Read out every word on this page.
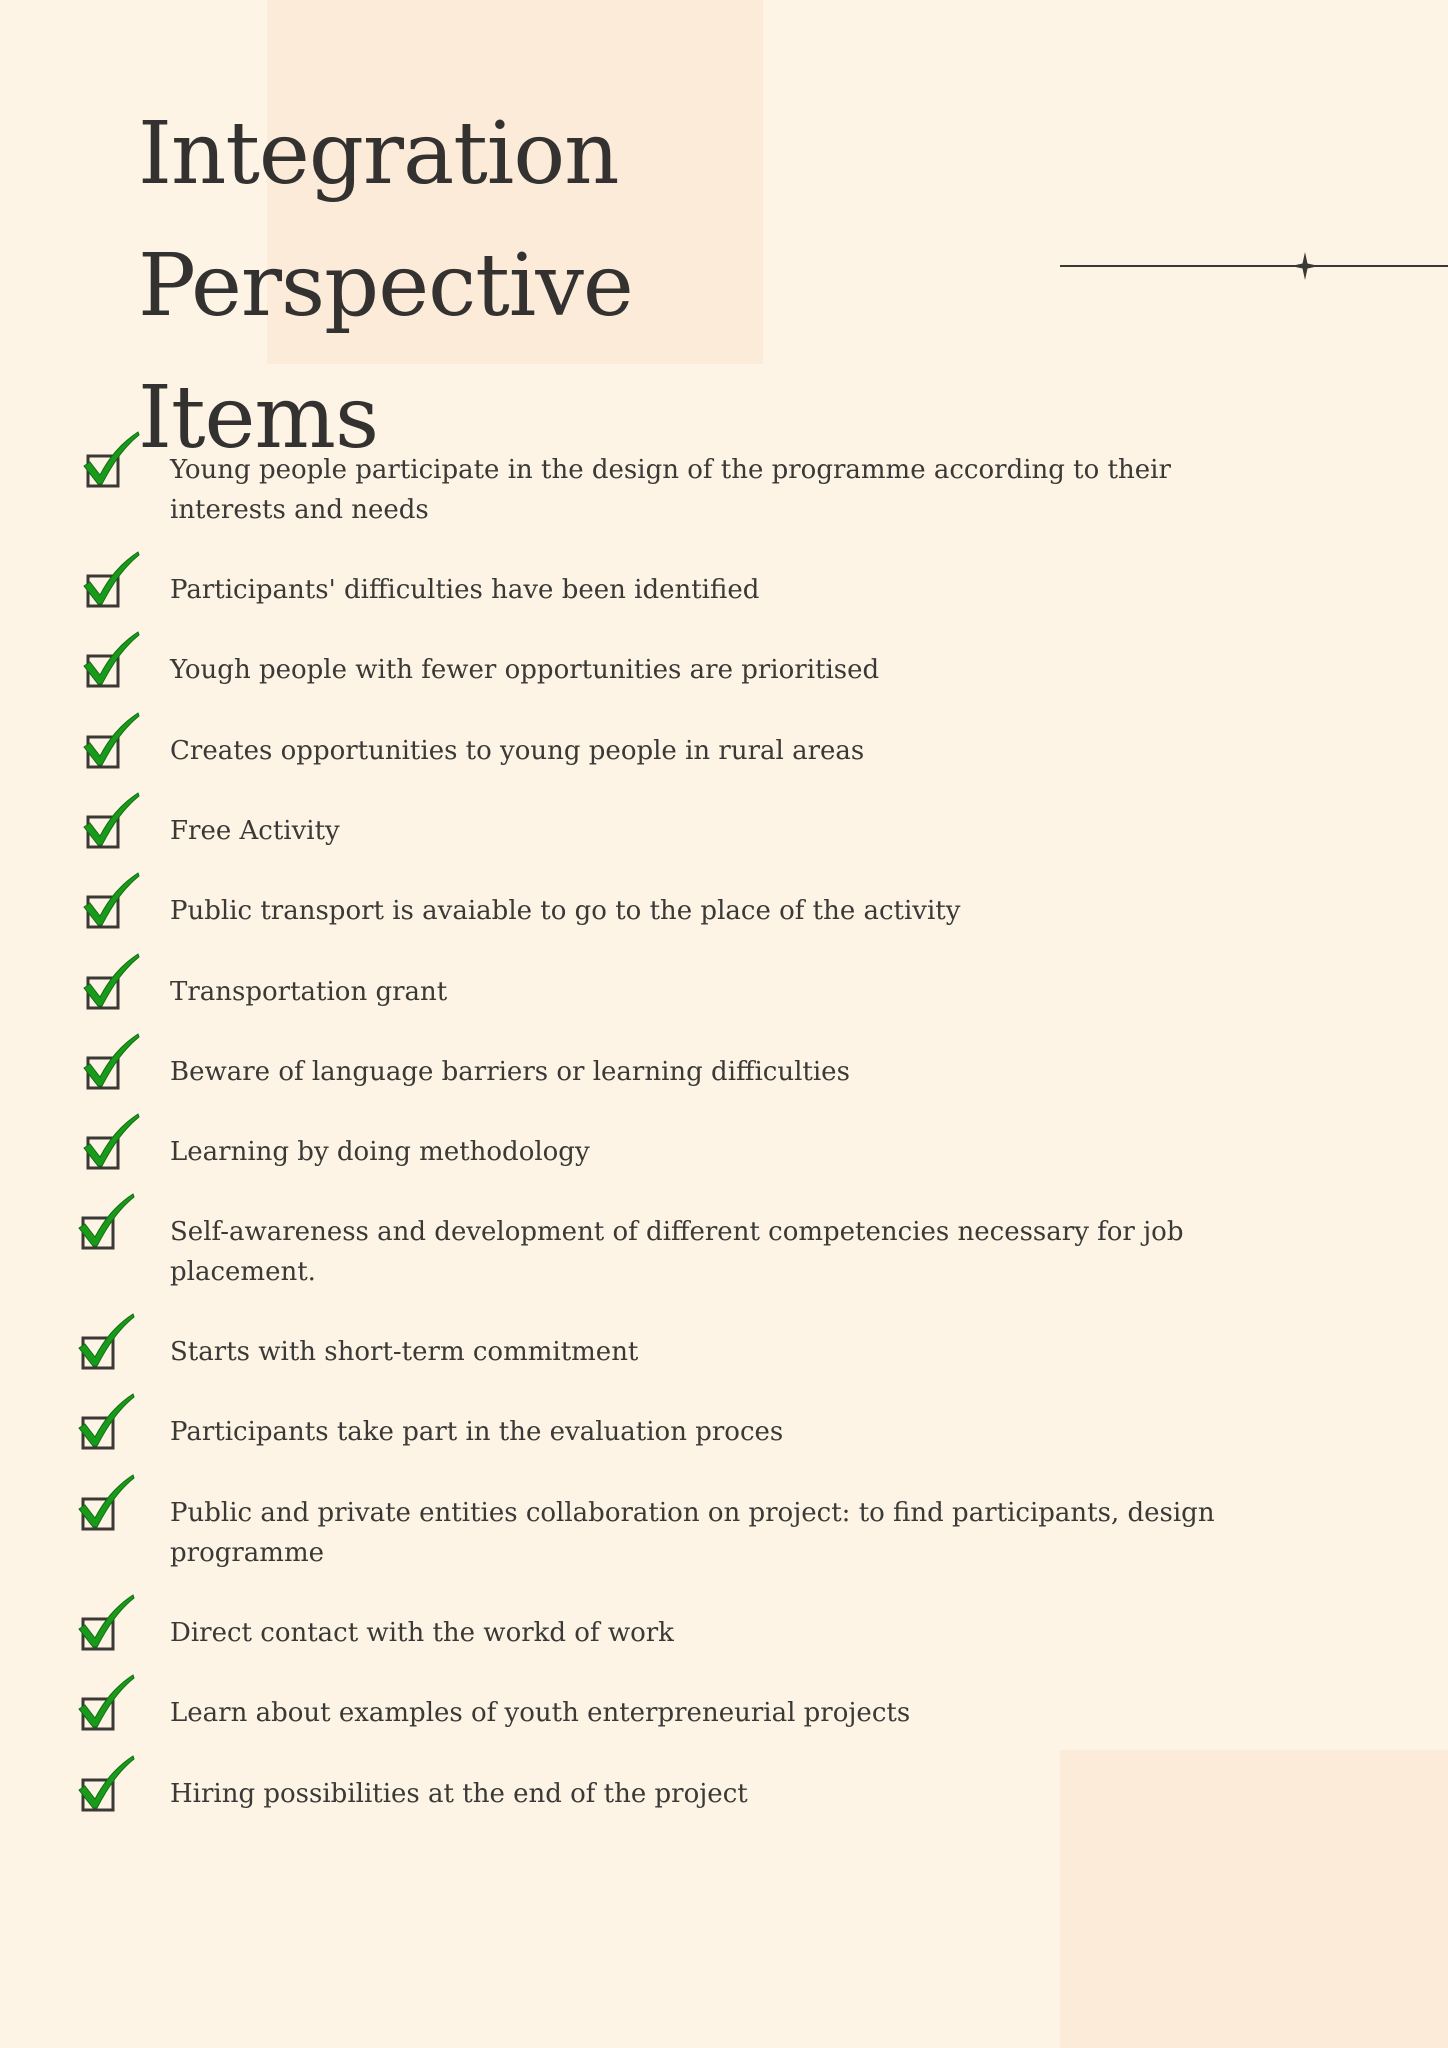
Integration Perspective
Items
Young people participate in the design of the programme according to their interests and needs
Participants' difficulties have been identified
Yough people with fewer opportunities are prioritised
Creates opportunities to young people in rural areas
Free Activity
Public transport is avaiable to go to the place of the activity
Transportation grant
Beware of language barriers or learning difficulties
Learning by doing methodology
Self-awareness and development of different competencies necessary for job placement.
Starts with short-term commitment
Participants take part in the evaluation proces
Public and private entities collaboration on project: to find participants, design programme
Direct contact with the workd of work
Learn about examples of youth enterpreneurial projects
Hiring possibilities at the end of the project
